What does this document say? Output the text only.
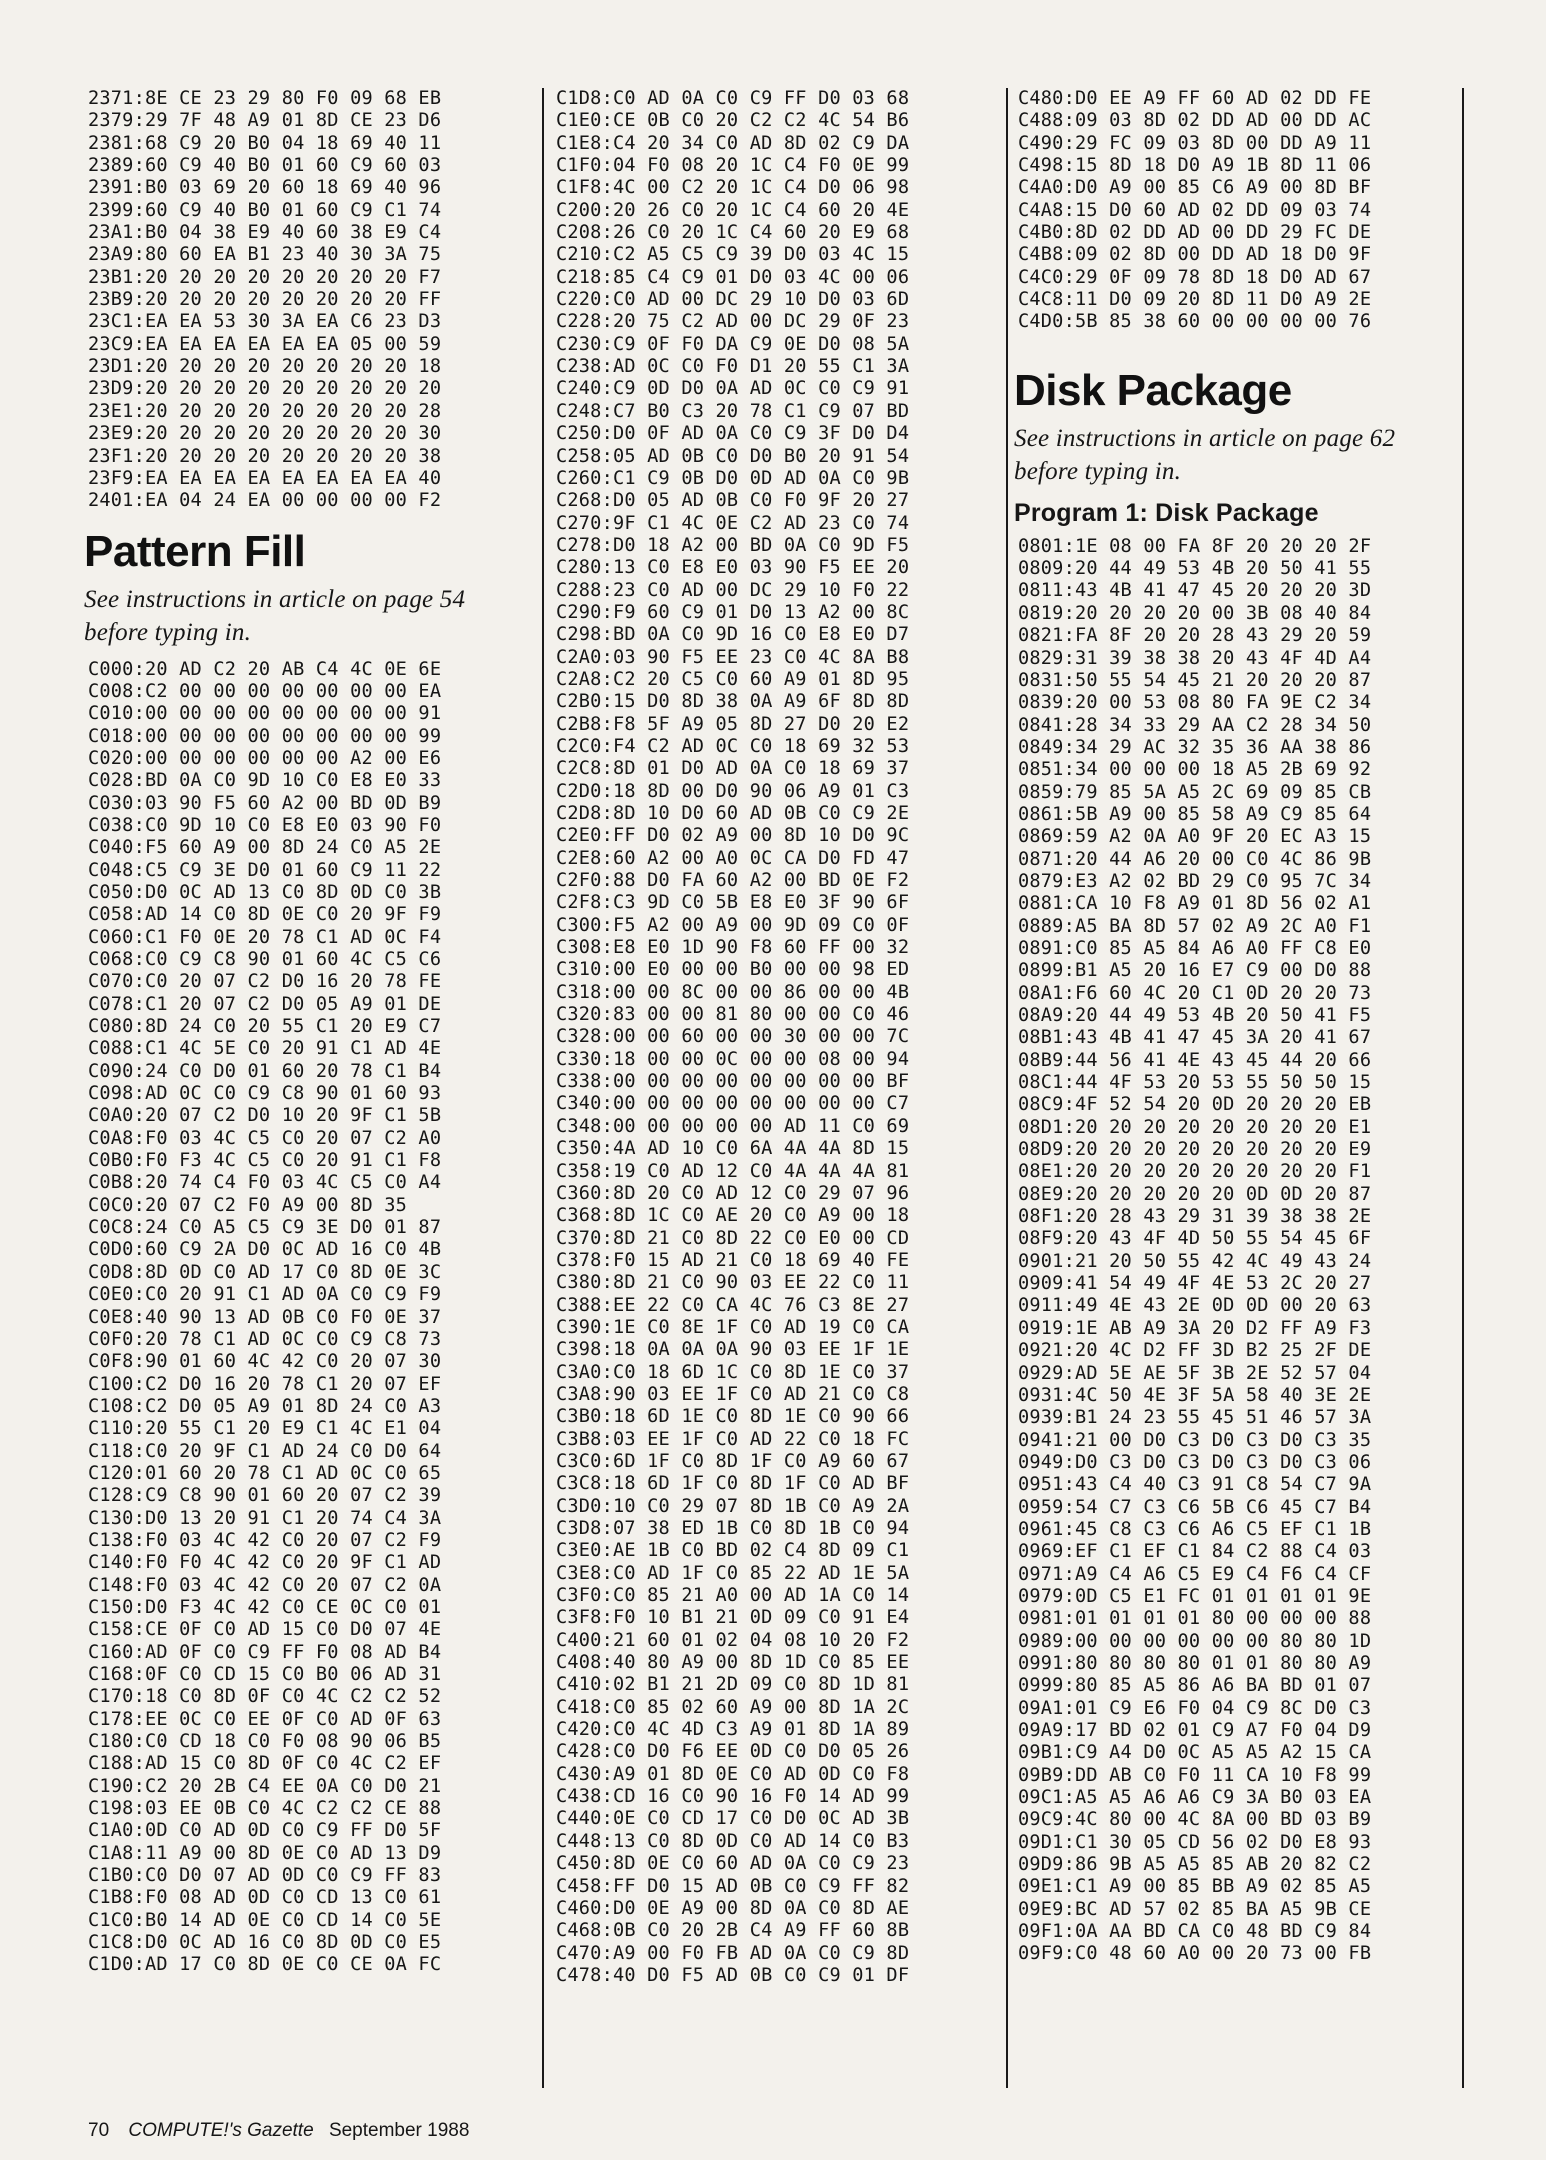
2371:8E CE 23 29 80 F0 09 68 EB
2379:29 7F 48 A9 01 8D CE 23 D6
2381:68 C9 20 B0 04 18 69 40 11
2389:60 C9 40 B0 01 60 C9 60 03
2391:B0 03 69 20 60 18 69 40 96
2399:60 C9 40 B0 01 60 C9 C1 74
23A1:B0 04 38 E9 40 60 38 E9 C4
23A9:80 60 EA B1 23 40 30 3A 75
23B1:20 20 20 20 20 20 20 20 F7
23B9:20 20 20 20 20 20 20 20 FF
23C1:EA EA 53 30 3A EA C6 23 D3
23C9:EA EA EA EA EA EA 05 00 59
23D1:20 20 20 20 20 20 20 20 18
23D9:20 20 20 20 20 20 20 20 20
23E1:20 20 20 20 20 20 20 20 28
23E9:20 20 20 20 20 20 20 20 30
23F1:20 20 20 20 20 20 20 20 38
23F9:EA EA EA EA EA EA EA EA 40
2401:EA 04 24 EA 00 00 00 00 F2
Pattern Fill
See instructions in article on page 54 before typing in.
C000:20 AD C2 20 AB C4 4C 0E 6E
C008:C2 00 00 00 00 00 00 00 EA
C010:00 00 00 00 00 00 00 00 91
C018:00 00 00 00 00 00 00 00 99
C020:00 00 00 00 00 00 A2 00 E6
C028:BD 0A C0 9D 10 C0 E8 E0 33
C030:03 90 F5 60 A2 00 BD 0D B9
C038:C0 9D 10 C0 E8 E0 03 90 F0
C040:F5 60 A9 00 8D 24 C0 A5 2E
C048:C5 C9 3E D0 01 60 C9 11 22
C050:D0 0C AD 13 C0 8D 0D C0 3B
C058:AD 14 C0 8D 0E C0 20 9F F9
C060:C1 F0 0E 20 78 C1 AD 0C F4
C068:C0 C9 C8 90 01 60 4C C5 C6
C070:C0 20 07 C2 D0 16 20 78 FE
C078:C1 20 07 C2 D0 05 A9 01 DE
C080:8D 24 C0 20 55 C1 20 E9 C7
C088:C1 4C 5E C0 20 91 C1 AD 4E
C090:24 C0 D0 01 60 20 78 C1 B4
C098:AD 0C C0 C9 C8 90 01 60 93
C0A0:20 07 C2 D0 10 20 9F C1 5B
C0A8:F0 03 4C C5 C0 20 07 C2 A0
C0B0:F0 F3 4C C5 C0 20 91 C1 F8
C0B8:20 74 C4 F0 03 4C C5 C0 A4
C0C0:20 07 C2 F0 A9 00 8D 35
C0C8:24 C0 A5 C5 C9 3E D0 01 87
C0D0:60 C9 2A D0 0C AD 16 C0 4B
C0D8:8D 0D C0 AD 17 C0 8D 0E 3C
C0E0:C0 20 91 C1 AD 0A C0 C9 F9
C0E8:40 90 13 AD 0B C0 F0 0E 37
C0F0:20 78 C1 AD 0C C0 C9 C8 73
C0F8:90 01 60 4C 42 C0 20 07 30
C100:C2 D0 16 20 78 C1 20 07 EF
C108:C2 D0 05 A9 01 8D 24 C0 A3
C110:20 55 C1 20 E9 C1 4C E1 04
C118:C0 20 9F C1 AD 24 C0 D0 64
C120:01 60 20 78 C1 AD 0C C0 65
C128:C9 C8 90 01 60 20 07 C2 39
C130:D0 13 20 91 C1 20 74 C4 3A
C138:F0 03 4C 42 C0 20 07 C2 F9
C140:F0 F0 4C 42 C0 20 9F C1 AD
C148:F0 03 4C 42 C0 20 07 C2 0A
C150:D0 F3 4C 42 C0 CE 0C C0 01
C158:CE 0F C0 AD 15 C0 D0 07 4E
C160:AD 0F C0 C9 FF F0 08 AD B4
C168:0F C0 CD 15 C0 B0 06 AD 31
C170:18 C0 8D 0F C0 4C C2 C2 52
C178:EE 0C C0 EE 0F C0 AD 0F 63
C180:C0 CD 18 C0 F0 08 90 06 B5
C188:AD 15 C0 8D 0F C0 4C C2 EF
C190:C2 20 2B C4 EE 0A C0 D0 21
C198:03 EE 0B C0 4C C2 C2 CE 88
C1A0:0D C0 AD 0D C0 C9 FF D0 5F
C1A8:11 A9 00 8D 0E C0 AD 13 D9
C1B0:C0 D0 07 AD 0D C0 C9 FF 83
C1B8:F0 08 AD 0D C0 CD 13 C0 61
C1C0:B0 14 AD 0E C0 CD 14 C0 5E
C1C8:D0 0C AD 16 C0 8D 0D C0 E5
C1D0:AD 17 C0 8D 0E C0 CE 0A FC
C1D8:C0 AD 0A C0 C9 FF D0 03 68
C1E0:CE 0B C0 20 C2 C2 4C 54 B6
C1E8:C4 20 34 C0 AD 8D 02 C9 DA
C1F0:04 F0 08 20 1C C4 F0 0E 99
C1F8:4C 00 C2 20 1C C4 D0 06 98
C200:20 26 C0 20 1C C4 60 20 4E
C208:26 C0 20 1C C4 60 20 E9 68
C210:C2 A5 C5 C9 39 D0 03 4C 15
C218:85 C4 C9 01 D0 03 4C 00 06
C220:C0 AD 00 DC 29 10 D0 03 6D
C228:20 75 C2 AD 00 DC 29 0F 23
C230:C9 0F F0 DA C9 0E D0 08 5A
C238:AD 0C C0 F0 D1 20 55 C1 3A
C240:C9 0D D0 0A AD 0C C0 C9 91
C248:C7 B0 C3 20 78 C1 C9 07 BD
C250:D0 0F AD 0A C0 C9 3F D0 D4
C258:05 AD 0B C0 D0 B0 20 91 54
C260:C1 C9 0B D0 0D AD 0A C0 9B
C268:D0 05 AD 0B C0 F0 9F 20 27
C270:9F C1 4C 0E C2 AD 23 C0 74
C278:D0 18 A2 00 BD 0A C0 9D F5
C280:13 C0 E8 E0 03 90 F5 EE 20
C288:23 C0 AD 00 DC 29 10 F0 22
C290:F9 60 C9 01 D0 13 A2 00 8C
C298:BD 0A C0 9D 16 C0 E8 E0 D7
C2A0:03 90 F5 EE 23 C0 4C 8A B8
C2A8:C2 20 C5 C0 60 A9 01 8D 95
C2B0:15 D0 8D 38 0A A9 6F 8D 8D
C2B8:F8 5F A9 05 8D 27 D0 20 E2
C2C0:F4 C2 AD 0C C0 18 69 32 53
C2C8:8D 01 D0 AD 0A C0 18 69 37
C2D0:18 8D 00 D0 90 06 A9 01 C3
C2D8:8D 10 D0 60 AD 0B C0 C9 2E
C2E0:FF D0 02 A9 00 8D 10 D0 9C
C2E8:60 A2 00 A0 0C CA D0 FD 47
C2F0:88 D0 FA 60 A2 00 BD 0E F2
C2F8:C3 9D C0 5B E8 E0 3F 90 6F
C300:F5 A2 00 A9 00 9D 09 C0 0F
C308:E8 E0 1D 90 F8 60 FF 00 32
C310:00 E0 00 00 B0 00 00 98 ED
C318:00 00 8C 00 00 86 00 00 4B
C320:83 00 00 81 80 00 00 C0 46
C328:00 00 60 00 00 30 00 00 7C
C330:18 00 00 0C 00 00 08 00 94
C338:00 00 00 00 00 00 00 00 BF
C340:00 00 00 00 00 00 00 00 C7
C348:00 00 00 00 00 AD 11 C0 69
C350:4A AD 10 C0 6A 4A 4A 8D 15
C358:19 C0 AD 12 C0 4A 4A 4A 81
C360:8D 20 C0 AD 12 C0 29 07 96
C368:8D 1C C0 AE 20 C0 A9 00 18
C370:8D 21 C0 8D 22 C0 E0 00 CD
C378:F0 15 AD 21 C0 18 69 40 FE
C380:8D 21 C0 90 03 EE 22 C0 11
C388:EE 22 C0 CA 4C 76 C3 8E 27
C390:1E C0 8E 1F C0 AD 19 C0 CA
C398:18 0A 0A 0A 90 03 EE 1F 1E
C3A0:C0 18 6D 1C C0 8D 1E C0 37
C3A8:90 03 EE 1F C0 AD 21 C0 C8
C3B0:18 6D 1E C0 8D 1E C0 90 66
C3B8:03 EE 1F C0 AD 22 C0 18 FC
C3C0:6D 1F C0 8D 1F C0 A9 60 67
C3C8:18 6D 1F C0 8D 1F C0 AD BF
C3D0:10 C0 29 07 8D 1B C0 A9 2A
C3D8:07 38 ED 1B C0 8D 1B C0 94
C3E0:AE 1B C0 BD 02 C4 8D 09 C1
C3E8:C0 AD 1F C0 85 22 AD 1E 5A
C3F0:C0 85 21 A0 00 AD 1A C0 14
C3F8:F0 10 B1 21 0D 09 C0 91 E4
C400:21 60 01 02 04 08 10 20 F2
C408:40 80 A9 00 8D 1D C0 85 EE
C410:02 B1 21 2D 09 C0 8D 1D 81
C418:C0 85 02 60 A9 00 8D 1A 2C
C420:C0 4C 4D C3 A9 01 8D 1A 89
C428:C0 D0 F6 EE 0D C0 D0 05 26
C430:A9 01 8D 0E C0 AD 0D C0 F8
C438:CD 16 C0 90 16 F0 14 AD 99
C440:0E C0 CD 17 C0 D0 0C AD 3B
C448:13 C0 8D 0D C0 AD 14 C0 B3
C450:8D 0E C0 60 AD 0A C0 C9 23
C458:FF D0 15 AD 0B C0 C9 FF 82
C460:D0 0E A9 00 8D 0A C0 8D AE
C468:0B C0 20 2B C4 A9 FF 60 8B
C470:A9 00 F0 FB AD 0A C0 C9 8D
C478:40 D0 F5 AD 0B C0 C9 01 DF
C480:D0 EE A9 FF 60 AD 02 DD FE
C488:09 03 8D 02 DD AD 00 DD AC
C490:29 FC 09 03 8D 00 DD A9 11
C498:15 8D 18 D0 A9 1B 8D 11 06
C4A0:D0 A9 00 85 C6 A9 00 8D BF
C4A8:15 D0 60 AD 02 DD 09 03 74
C4B0:8D 02 DD AD 00 DD 29 FC DE
C4B8:09 02 8D 00 DD AD 18 D0 9F
C4C0:29 0F 09 78 8D 18 D0 AD 67
C4C8:11 D0 09 20 8D 11 D0 A9 2E
C4D0:5B 85 38 60 00 00 00 00 76
Disk Package
See instructions in article on page 62 before typing in.
Program 1: Disk Package
0801:1E 08 00 FA 8F 20 20 20 2F
0809:20 44 49 53 4B 20 50 41 55
0811:43 4B 41 47 45 20 20 20 3D
0819:20 20 20 20 00 3B 08 40 84
0821:FA 8F 20 20 28 43 29 20 59
0829:31 39 38 38 20 43 4F 4D A4
0831:50 55 54 45 21 20 20 20 87
0839:20 00 53 08 80 FA 9E C2 34
0841:28 34 33 29 AA C2 28 34 50
0849:34 29 AC 32 35 36 AA 38 86
0851:34 00 00 00 18 A5 2B 69 92
0859:79 85 5A A5 2C 69 09 85 CB
0861:5B A9 00 85 58 A9 C9 85 64
0869:59 A2 0A A0 9F 20 EC A3 15
0871:20 44 A6 20 00 C0 4C 86 9B
0879:E3 A2 02 BD 29 C0 95 7C 34
0881:CA 10 F8 A9 01 8D 56 02 A1
0889:A5 BA 8D 57 02 A9 2C A0 F1
0891:C0 85 A5 84 A6 A0 FF C8 E0
0899:B1 A5 20 16 E7 C9 00 D0 88
08A1:F6 60 4C 20 C1 0D 20 20 73
08A9:20 44 49 53 4B 20 50 41 F5
08B1:43 4B 41 47 45 3A 20 41 67
08B9:44 56 41 4E 43 45 44 20 66
08C1:44 4F 53 20 53 55 50 50 15
08C9:4F 52 54 20 0D 20 20 20 EB
08D1:20 20 20 20 20 20 20 20 E1
08D9:20 20 20 20 20 20 20 20 E9
08E1:20 20 20 20 20 20 20 20 F1
08E9:20 20 20 20 20 0D 0D 20 87
08F1:20 28 43 29 31 39 38 38 2E
08F9:20 43 4F 4D 50 55 54 45 6F
0901:21 20 50 55 42 4C 49 43 24
0909:41 54 49 4F 4E 53 2C 20 27
0911:49 4E 43 2E 0D 0D 00 20 63
0919:1E AB A9 3A 20 D2 FF A9 F3
0921:20 4C D2 FF 3D B2 25 2F DE
0929:AD 5E AE 5F 3B 2E 52 57 04
0931:4C 50 4E 3F 5A 58 40 3E 2E
0939:B1 24 23 55 45 51 46 57 3A
0941:21 00 D0 C3 D0 C3 D0 C3 35
0949:D0 C3 D0 C3 D0 C3 D0 C3 06
0951:43 C4 40 C3 91 C8 54 C7 9A
0959:54 C7 C3 C6 5B C6 45 C7 B4
0961:45 C8 C3 C6 A6 C5 EF C1 1B
0969:EF C1 EF C1 84 C2 88 C4 03
0971:A9 C4 A6 C5 E9 C4 F6 C4 CF
0979:0D C5 E1 FC 01 01 01 01 9E
0981:01 01 01 01 80 00 00 00 88
0989:00 00 00 00 00 00 80 80 1D
0991:80 80 80 80 01 01 80 80 A9
0999:80 85 A5 86 A6 BA BD 01 07
09A1:01 C9 E6 F0 04 C9 8C D0 C3
09A9:17 BD 02 01 C9 A7 F0 04 D9
09B1:C9 A4 D0 0C A5 A5 A2 15 CA
09B9:DD AB C0 F0 11 CA 10 F8 99
09C1:A5 A5 A6 A6 C9 3A B0 03 EA
09C9:4C 80 00 4C 8A 00 BD 03 B9
09D1:C1 30 05 CD 56 02 D0 E8 93
09D9:86 9B A5 A5 85 AB 20 82 C2
09E1:C1 A9 00 85 BB A9 02 85 A5
09E9:BC AD 57 02 85 BA A5 9B CE
09F1:0A AA BD CA C0 48 BD C9 84
09F9:C0 48 60 A0 00 20 73 00 FB
70 COMPUTE!'s Gazette September 1988
